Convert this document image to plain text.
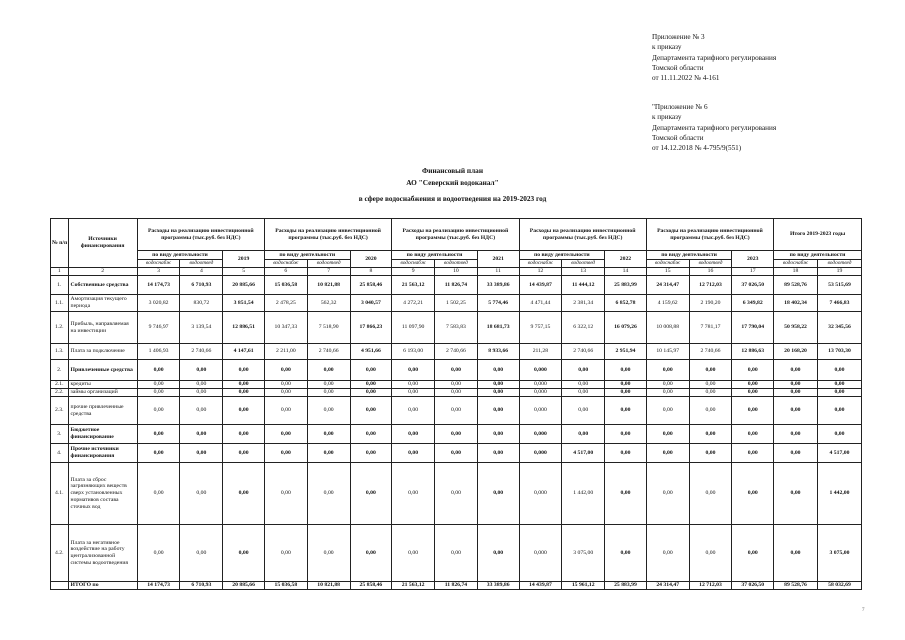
Приложение № 3
к приказу
Департамента тарифного регулирования
Томской области
от 11.11.2022 № 4-161
"Приложение № 6
к приказу
Департамента тарифного регулирования
Томской области
от 14.12.2018 № 4-795/9(551)
Финансовый план
АО "Северский водоканал"
в сфере водоснабжения и водоотведения на 2019-2023 год
№ п/п	Источники финансирования	Расходы на реализацию инвестиционной программы (тыс.руб. без НДС)			Расходы на реализацию инвестиционной программы (тыс.руб. без НДС)			Расходы на реализацию инвестиционной программы (тыс.руб. без НДС)			Расходы на реализацию инвестиционной программы (тыс.руб. без НДС)			Расходы на реализацию инвестиционной программы (тыс.руб. без НДС)			Итого 2019-2023 годы	
		по виду деятельности		2019	по виду деятельности		2020	по виду деятельности		2021	по виду деятельности		2022	по виду деятельности		2023	по виду деятельности	
		водоснабж	водоотвед		водоснабж	водоотвед		водоснабж	водоотвед		водоснабж	водоотвед		водоснабж	водоотвед		водоснабж	водоотвед
1	2	3	4	5	6	7	8	9	10	11	12	13	14	15	16	17	18	19
1.	Собственные средства	14 174,73	6 710,93	20 885,66	15 036,58	10 821,88	25 858,46	21 563,12	11 826,74	33 389,86	14 439,87	11 444,12	25 883,99	24 314,47	12 712,03	37 026,50	89 528,76	53 515,69
1.1.	Амортизация текущего периода	3 020,82	830,72	3 851,54	2 478,25	562,32	3 040,57	4 272,21	1 502,25	5 774,46	4 471,44	2 381,34	6 852,78	4 159,62	2 190,20	6 349,82	18 402,34	7 466,83
1.2.	Прибыль, направляемая на инвестиции	9 746,97	3 139,54	12 886,51	10 347,33	7 518,90	17 866,23	11 097,90	7 583,83	18 681,73	9 757,15	6 322,12	16 079,26	10 008,88	7 781,17	17 790,04	50 958,22	32 345,56
1.3.	Плата за подключение	1 406,93	2 740,66	4 147,61	2 211,00	2 740,66	4 951,66	6 193,00	2 740,66	8 933,66	211,28	2 740,66	2 951,94	10 145,97	2 740,66	12 886,63	20 168,20	13 703,30
2.	Привлеченные средства	0,00	0,00	0,00	0,00	0,00	0,00	0,00	0,00	0,00	0,000	0,00	0,00	0,00	0,00	0,00	0,00	0,00
2.1.	кредиты	0,00	0,00	0,00	0,00	0,00	0,00	0,00	0,00	0,00	0,000	0,00	0,00	0,00	0,00	0,00	0,00	0,00
2.2.	займы организаций	0,00	0,00	0,00	0,00	0,00	0,00	0,00	0,00	0,00	0,000	0,00	0,00	0,00	0,00	0,00	0,00	0,00
2.3.	прочие привлеченные средства	0,00	0,00	0,00	0,00	0,00	0,00	0,00	0,00	0,00	0,000	0,00	0,00	0,00	0,00	0,00	0,00	0,00
3.	Бюджетное финансирование	0,00	0,00	0,00	0,00	0,00	0,00	0,00	0,00	0,00	0,000	0,00	0,00	0,00	0,00	0,00	0,00	0,00
4.	Прочие источники финансирования	0,00	0,00	0,00	0,00	0,00	0,00	0,00	0,00	0,00	0,000	4 517,00	0,00	0,00	0,00	0,00	0,00	4 517,00
4.1.	Плата за сброс загрязняющих веществ сверх установленных нормативов состава сточных вод	0,00	0,00	0,00	0,00	0,00	0,00	0,00	0,00	0,00	0,000	1 442,00	0,00	0,00	0,00	0,00	0,00	1 442,00
4.2.	Плата за негативное воздействие на работу централизованной системы водоотведения	0,00	0,00	0,00	0,00	0,00	0,00	0,00	0,00	0,00	0,000	3 075,00	0,00	0,00	0,00	0,00	0,00	3 075,00
	ИТОГО по	14 174,73	6 710,93	20 885,66	15 036,58	10 821,88	25 858,46	21 563,12	11 826,74	33 389,86	14 439,87	15 961,12	25 883,99	24 314,47	12 712,03	37 026,50	89 528,76	58 032,69
7
